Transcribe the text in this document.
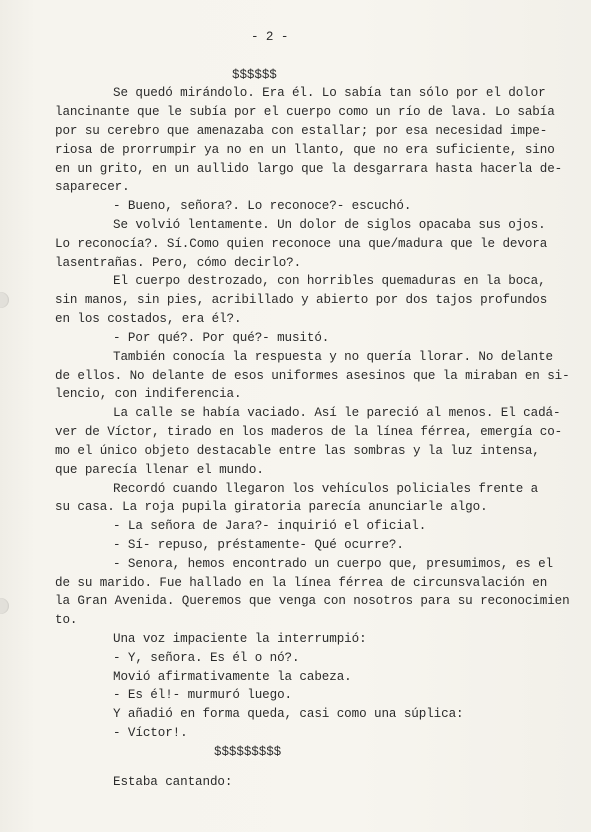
- 2 -
$$$$$$
Se quedó mirándolo. Era él. Lo sabía tan sólo por el dolor
lancinante que le subía por el cuerpo como un río de lava. Lo sabía
por su cerebro que amenazaba con estallar; por esa necesidad impe-
riosa de prorrumpir ya no en un llanto, que no era suficiente, sino
en un grito, en un aullido largo que la desgarrara hasta hacerla de-
saparecer.
- Bueno, señora?. Lo reconoce?- escuchó.
Se volvió lentamente. Un dolor de siglos opacaba sus ojos.
Lo reconocía?. Sí.Como quien reconoce una que/madura que le devora
lasentrañas. Pero, cómo decirlo?.
El cuerpo destrozado, con horribles quemaduras en la boca,
sin manos, sin pies, acribillado y abierto por dos tajos profundos
en los costados, era él?.
- Por qué?. Por qué?- musitó.
También conocía la respuesta y no quería llorar. No delante
de ellos. No delante de esos uniformes asesinos que la miraban en si-
lencio, con indiferencia.
La calle se había vaciado. Así le pareció al menos. El cadá-
ver de Víctor, tirado en los maderos de la línea férrea, emergía co-
mo el único objeto destacable entre las sombras y la luz intensa,
que parecía llenar el mundo.
Recordó cuando llegaron los vehículos policiales frente a
su casa. La roja pupila giratoria parecía anunciarle algo.
- La señora de Jara?- inquirió el oficial.
- Sí- repuso, préstamente- Qué ocurre?.
- Senora, hemos encontrado un cuerpo que, presumimos, es el
de su marido. Fue hallado en la línea férrea de circunsvalación en
la Gran Avenida. Queremos que venga con nosotros para su reconocimien
to.
Una voz impaciente la interrumpió:
- Y, señora. Es él o nó?.
Movió afirmativamente la cabeza.
- Es él!- murmuró luego.
Y añadió en forma queda, casi como una súplica:
- Víctor!.
$$$$$$$$$
Estaba cantando:
